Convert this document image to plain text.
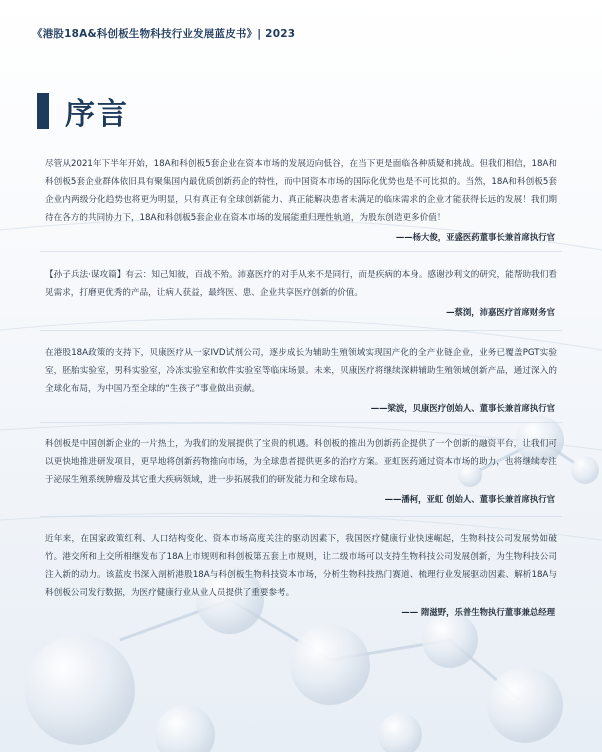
《港股18A&科创板生物科技行业发展蓝皮书》| 2023
序言

尽管从2021年下半年开始，18A和科创板5套企业在资本市场的发展迈向低谷，在当下更是面临各种质疑和挑战。但我们相信，18A和科创板5套企业群体依旧具有聚集国内最优质创新药企的特性，而中国资本市场的国际化优势也是不可比拟的。当然，18A和科创板5套企业内两级分化趋势也将更为明显，只有真正有全球创新能力、真正能解决患者未满足的临床需求的企业才能获得长远的发展！我们期待在各方的共同协力下，18A和科创板5套企业在资本市场的发展能重归理性轨道，为股东创造更多价值！

——杨大俊，亚盛医药董事长兼首席执行官

【孙子兵法·谋攻篇】有云：知己知彼，百战不殆。沛嘉医疗的对手从来不是同行，而是疾病的本身。感谢沙利文的研究，能帮助我们看见需求，打磨更优秀的产品，让病人获益，最终医、患、企业共享医疗创新的价值。

—蔡浏，沛嘉医疗首席财务官

在港股18A政策的支持下，贝康医疗从一家IVD试剂公司，逐步成长为辅助生殖领域实现国产化的全产业链企业，业务已覆盖PGT实验室，胚胎实验室，男科实验室，冷冻实验室和软件实验室等临床场景。未来，贝康医疗将继续深耕辅助生殖领域创新产品，通过深入的全球化布局，为中国乃至全球的“生孩子”事业做出贡献。

——梁波，贝康医疗创始人、董事长兼首席执行官

科创板是中国创新企业的一片热土，为我们的发展提供了宝贵的机遇。科创板的推出为创新药企提供了一个创新的融资平台，让我们可以更快地推进研发项目，更早地将创新药物推向市场，为全球患者提供更多的治疗方案。亚虹医药通过资本市场的助力，也将继续专注于泌尿生殖系统肿瘤及其它重大疾病领域，进一步拓展我们的研发能力和全球布局。

——潘柯，亚虹 创始人、董事长兼首席执行官

近年来，在国家政策红利、人口结构变化、资本市场高度关注的驱动因素下，我国医疗健康行业快速崛起，生物科技公司发展势如破竹。港交所和上交所相继发布了18A上市规则和科创板第五套上市规则，让二级市场可以支持生物科技公司发展创新，为生物科技公司注入新的动力。该蓝皮书深入剖析港股18A与科创板生物科技资本市场，分析生物科技热门赛道、梳理行业发展驱动因素、解析18A与科创板公司发行数据，为医疗健康行业从业人员提供了重要参考。

—— 隋滋野，乐普生物执行董事兼总经理
